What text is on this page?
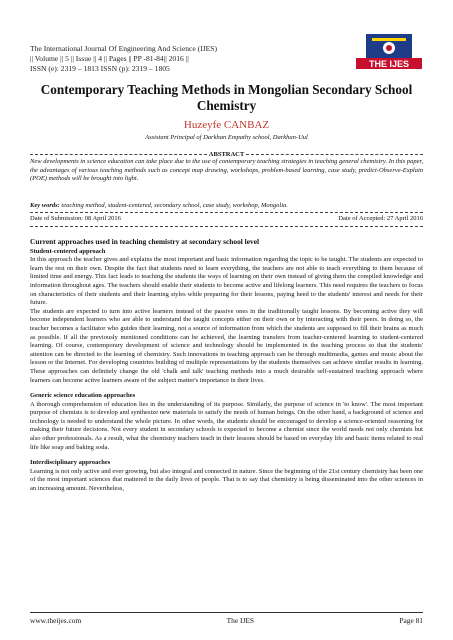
The International Journal Of Engineering And Science (IJES)
|| Volume || 5 || Issue || 4 || Pages || PP -81-84|| 2016 ||
ISSN (e): 2319 – 1813 ISSN (p): 2319 – 1805	THE IJES
Contemporary Teaching Methods in Mongolian Secondary School Chemistry
Huzeyfe CANBAZ
Assistant Principal of Darkhan Empathy school, Darkhan-Uul
ABSTRACT
New developments in science education can take place due to the use of contemporary teaching strategies in teaching general chemistry. In this paper, the advantages of various teaching methods such as concept map drawing, workshops, problem-based learning, case study, predict-Observe-Explain (POE) methods will be brought into light.
Key words: teaching method, student-centered, secondary school, case study, workshop, Mongolia.
Date of Submission: 08 April 2016	Date of Accepted: 27 April 2016
Current approaches used in teaching chemistry at secondary school level
Student-centered approach

In this approach the teacher gives and explains the most important and basic information regarding the topic to be taught. The students are expected to learn the rest on their own. Despite the fact that students need to learn everything, the teachers are not able to teach everything to them because of limited time and energy. This fact leads to teaching the students the ways of learning on their own instead of giving them the compiled knowledge and information throughout ages. The teachers should enable their students to become active and lifelong learners. This need requires the teachers to focus on characteristics of their students and their learning styles while preparing for their lessons, paying heed to the students' interest and needs for their future.

The students are expected to turn into active learners instead of the passive ones in the traditionally taught lessons. By becoming active they will become independent learners who are able to understand the taught concepts either on their own or by interacting with their peers. In doing so, the teacher becomes a facilitator who guides their learning, not a source of information from which the students are supposed to fill their brains as much as possible. If all the previously mentioned conditions can be achieved, the learning transfers from teacher-centered learning to student-centered learning. Of course, contemporary development of science and technology should be implemented in the teaching process so that the students' attention can be directed to the learning of chemistry. Such innovations in teaching approach can be through multimedia, games and music about the lesson or the Internet. For developing countries building of multiple representations by the students themselves can achieve similar results in learning. These approaches can definitely change the old 'chalk and talk' teaching methods into a much desirable self-sustained teaching approach where learners can become active learners aware of the subject matter's importance in their lives.

Generic science education approaches

A thorough comprehension of education lies in the understanding of its purpose. Similarly, the purpose of science in 'to know'. The most important purpose of chemists is to develop and synthesize new materials to satisfy the needs of human beings. On the other hand, a background of science and technology is needed to understand the whole picture. In other words, the students should be encouraged to develop a science-oriented reasoning for making their future decisions. Not every student in secondary schools is expected to become a chemist since the world needs not only chemists but also other professionals. As a result, what the chemistry teachers teach in their lessons should be based on everyday life and basic items related to real life like soap and baking soda.

Interdisciplinary approaches

Learning is not only active and ever growing, but also integral and connected in nature. Since the beginning of the 21st century chemistry has been one of the most important sciences that mattered in the daily lives of people. That is to say that chemistry is being disseminated into the other sciences in an increasing amount. Nevertheless,

www.theijes.com	The IJES	Page 81
